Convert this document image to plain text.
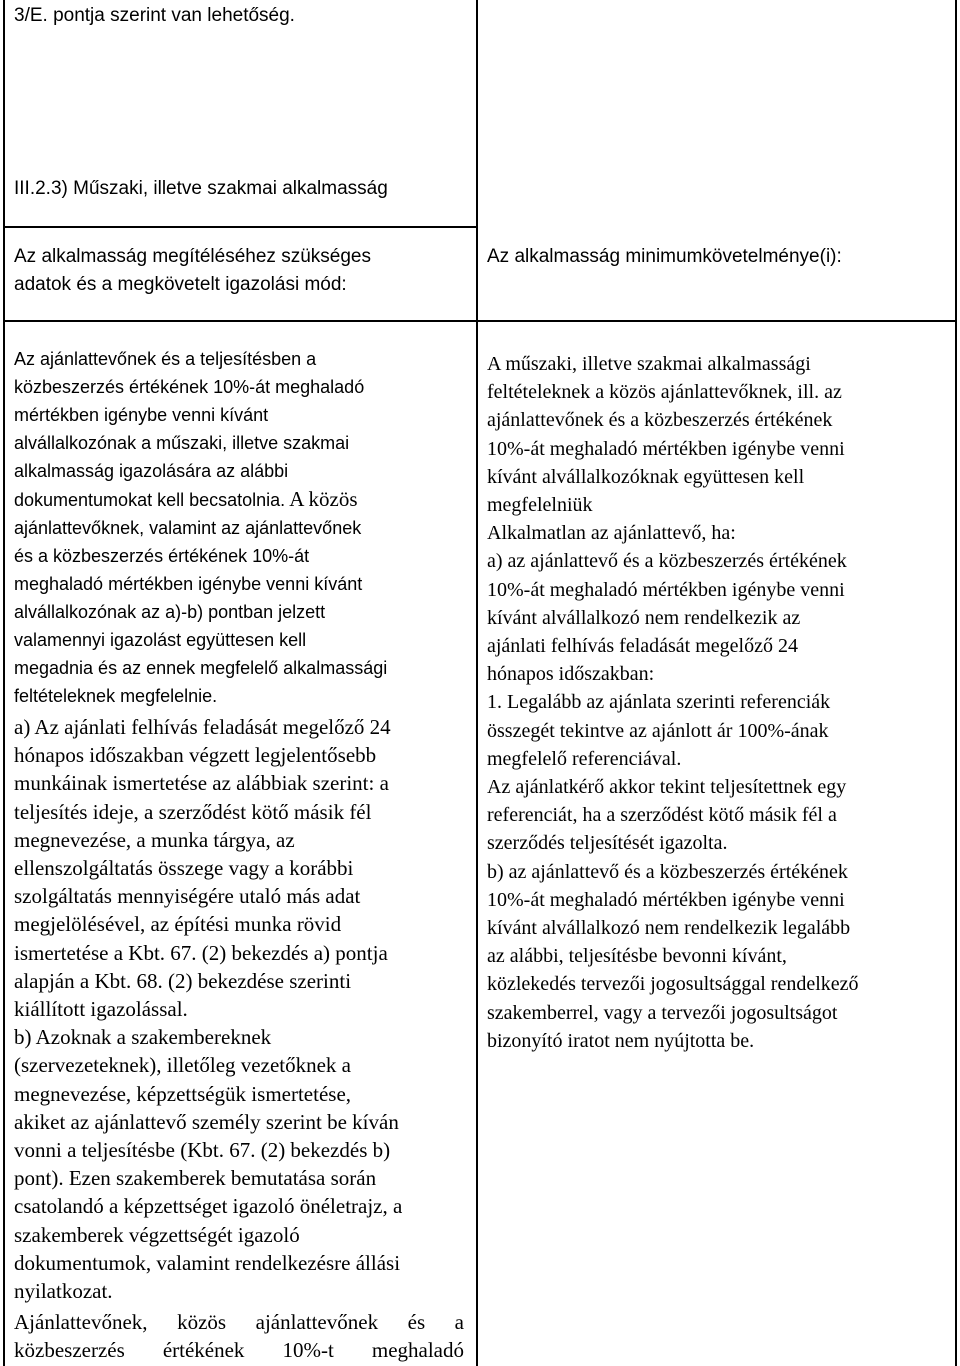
3/E. pontja szerint van lehetőség.
III.2.3) Műszaki, illetve szakmai alkalmasság
Az alkalmasság megítéléséhez szükséges
adatok és a megkövetelt igazolási mód:
Az alkalmasság minimumkövetelménye(i):
Az ajánlattevőnek és a teljesítésben a
közbeszerzés értékének 10%-át meghaladó
mértékben igénybe venni kívánt
alvállalkozónak a műszaki, illetve szakmai
alkalmasság igazolására az alábbi
dokumentumokat kell becsatolnia. A közös
ajánlattevőknek, valamint az ajánlattevőnek
és a közbeszerzés értékének 10%-át
meghaladó mértékben igénybe venni kívánt
alvállalkozónak az a)-b) pontban jelzett
valamennyi igazolást együttesen kell
megadnia és az ennek megfelelő alkalmassági
feltételeknek megfelelnie.
a) Az ajánlati felhívás feladását megelőző 24
hónapos időszakban végzett legjelentősebb
munkáinak ismertetése az alábbiak szerint: a
teljesítés ideje, a szerződést kötő másik fél
megnevezése, a munka tárgya, az
ellenszolgáltatás összege vagy a korábbi
szolgáltatás mennyiségére utaló más adat
megjelölésével, az építési munka rövid
ismertetése a Kbt. 67. (2) bekezdés a) pontja
alapján a Kbt. 68. (2) bekezdése szerinti
kiállított igazolással.
b) Azoknak a szakembereknek
(szervezeteknek), illetőleg vezetőknek a
megnevezése, képzettségük ismertetése,
akiket az ajánlattevő személy szerint be kíván
vonni a teljesítésbe (Kbt. 67. (2) bekezdés b)
pont). Ezen szakemberek bemutatása során
csatolandó a képzettséget igazoló önéletrajz, a
szakemberek végzettségét igazoló
dokumentumok, valamint rendelkezésre állási
nyilatkozat.
Ajánlattevőnek, közös ajánlattevőnek és a
közbeszerzés értékének 10%-t meghaladó
A műszaki, illetve szakmai alkalmassági
feltételeknek a közös ajánlattevőknek, ill. az
ajánlattevőnek és a közbeszerzés értékének
10%-át meghaladó mértékben igénybe venni
kívánt alvállalkozóknak együttesen kell
megfelelniük
Alkalmatlan az ajánlattevő, ha:
a) az ajánlattevő és a közbeszerzés értékének
10%-át meghaladó mértékben igénybe venni
kívánt alvállalkozó nem rendelkezik az
ajánlati felhívás feladását megelőző 24
hónapos időszakban:
1. Legalább az ajánlata szerinti referenciák
összegét tekintve az ajánlott ár 100%-ának
megfelelő referenciával.
Az ajánlatkérő akkor tekint teljesítettnek egy
referenciát, ha a szerződést kötő másik fél a
szerződés teljesítését igazolta.
b) az ajánlattevő és a közbeszerzés értékének
10%-át meghaladó mértékben igénybe venni
kívánt alvállalkozó nem rendelkezik legalább
az alábbi, teljesítésbe bevonni kívánt,
közlekedés tervezői jogosultsággal rendelkező
szakemberrel, vagy a tervezői jogosultságot
bizonyító iratot nem nyújtotta be.
